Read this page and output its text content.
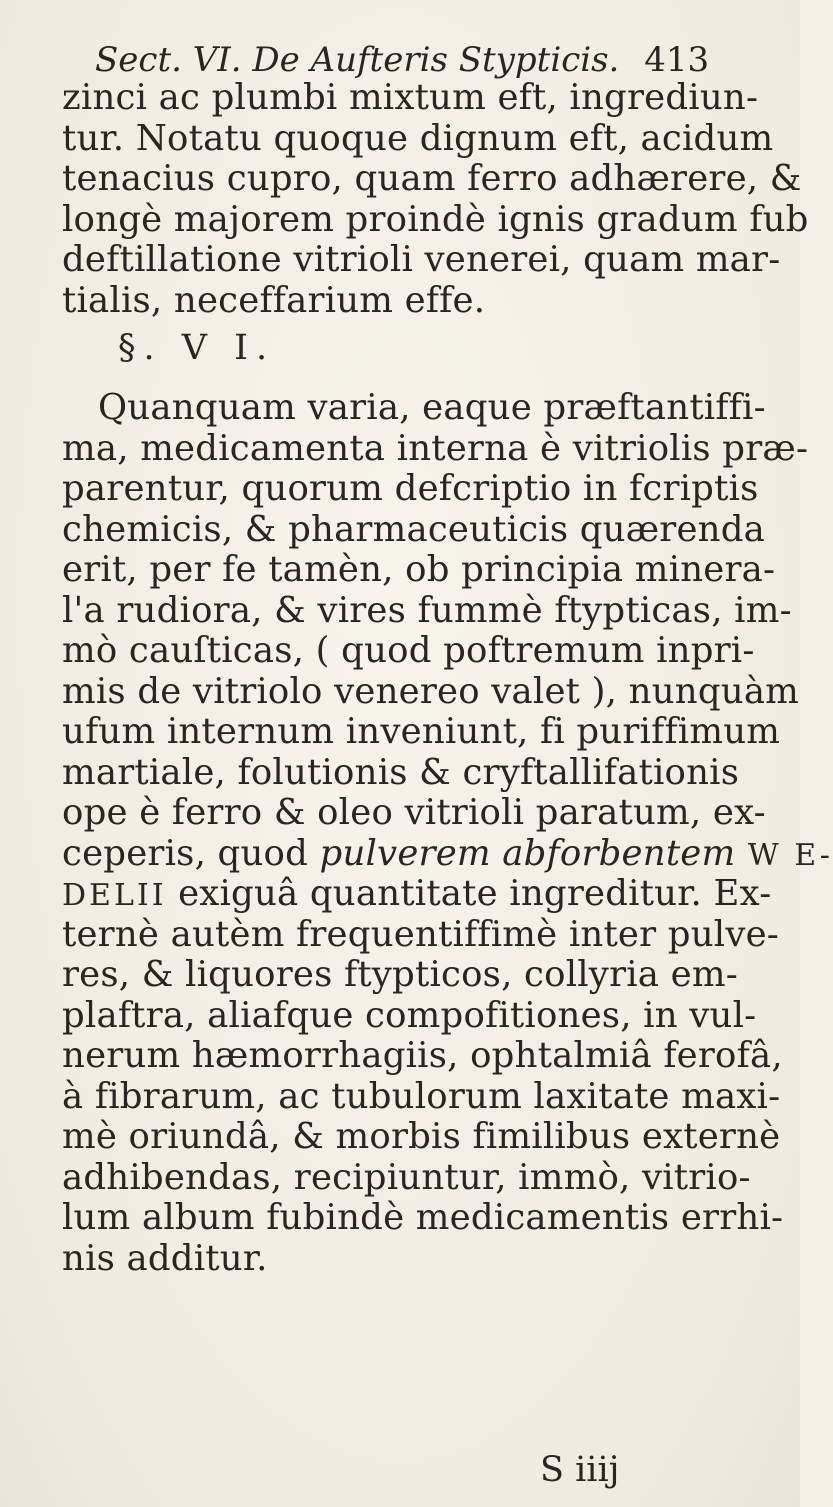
Sect. VI. De Aufteris Stypticis. 413
zinci ac plumbi mixtum eft, ingrediun-
tur. Notatu quoque dignum eft, acidum
tenacius cupro, quam ferro adhærere, &
longè majorem proindè ignis gradum fub
deftillatione vitrioli venerei, quam mar-
tialis, neceffarium effe.
§. V I.
Quanquam varia, eaque præftantiffi-
ma, medicamenta interna è vitriolis præ-
parentur, quorum defcriptio in fcriptis
chemicis, & pharmaceuticis quærenda
erit, per fe tamèn, ob principia minera-
l'a rudiora, & vires fummè ftypticas, im-
mò cauſticas, ( quod poftremum inpri-
mis de vitriolo venereo valet ), nunquàm
ufum internum inveniunt, fi puriffimum
martiale, folutionis & cryftallifationis
ope è ferro & oleo vitrioli paratum, ex-
ceperis, quod pulverem abforbentem W E-
DELII exiguâ quantitate ingreditur. Ex-
ternè autèm frequentiffimè inter pulve-
res, & liquores ftypticos, collyria em-
plaftra, aliafque compofitiones, in vul-
nerum hæmorrhagiis, ophtalmiâ ferofâ,
à fibrarum, ac tubulorum laxitate maxi-
mè oriundâ, & morbis fimilibus externè
adhibendas, recipiuntur, immò, vitrio-
lum album fubindè medicamentis errhi-
nis additur.
S iiij
